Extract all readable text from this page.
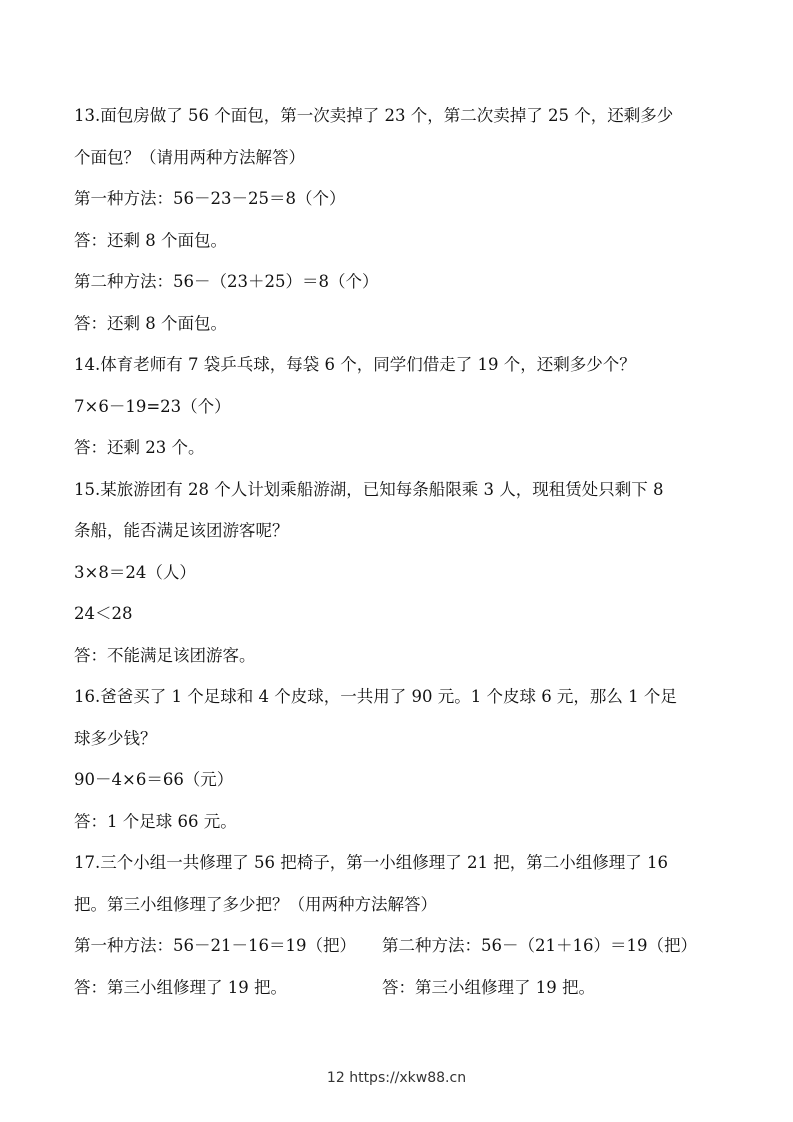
13.面包房做了 56 个面包，第一次卖掉了 23 个，第二次卖掉了 25 个，还剩多少
个面包？（请用两种方法解答）
第一种方法：56－23－25＝8（个）
答：还剩 8 个面包。
第二种方法：56－（23＋25）＝8（个）
答：还剩 8 个面包。
14.体育老师有 7 袋乒乓球，每袋 6 个，同学们借走了 19 个，还剩多少个？
7×6－19=23（个）
答：还剩 23 个。
15.某旅游团有 28 个人计划乘船游湖，已知每条船限乘 3 人，现租赁处只剩下 8
条船，能否满足该团游客呢？
3×8＝24（人）
24＜28
答：不能满足该团游客。
16.爸爸买了 1 个足球和 4 个皮球，一共用了 90 元。1 个皮球 6 元，那么 1 个足
球多少钱？
90－4×6＝66（元）
答：1 个足球 66 元。
17.三个小组一共修理了 56 把椅子，第一小组修理了 21 把，第二小组修理了 16
把。第三小组修理了多少把？（用两种方法解答）
第一种方法：56－21－16＝19（把）	第二种方法：56－（21＋16）＝19（把）
答：第三小组修理了 19 把。	答：第三小组修理了 19 把。
12 https://xkw88.cn
